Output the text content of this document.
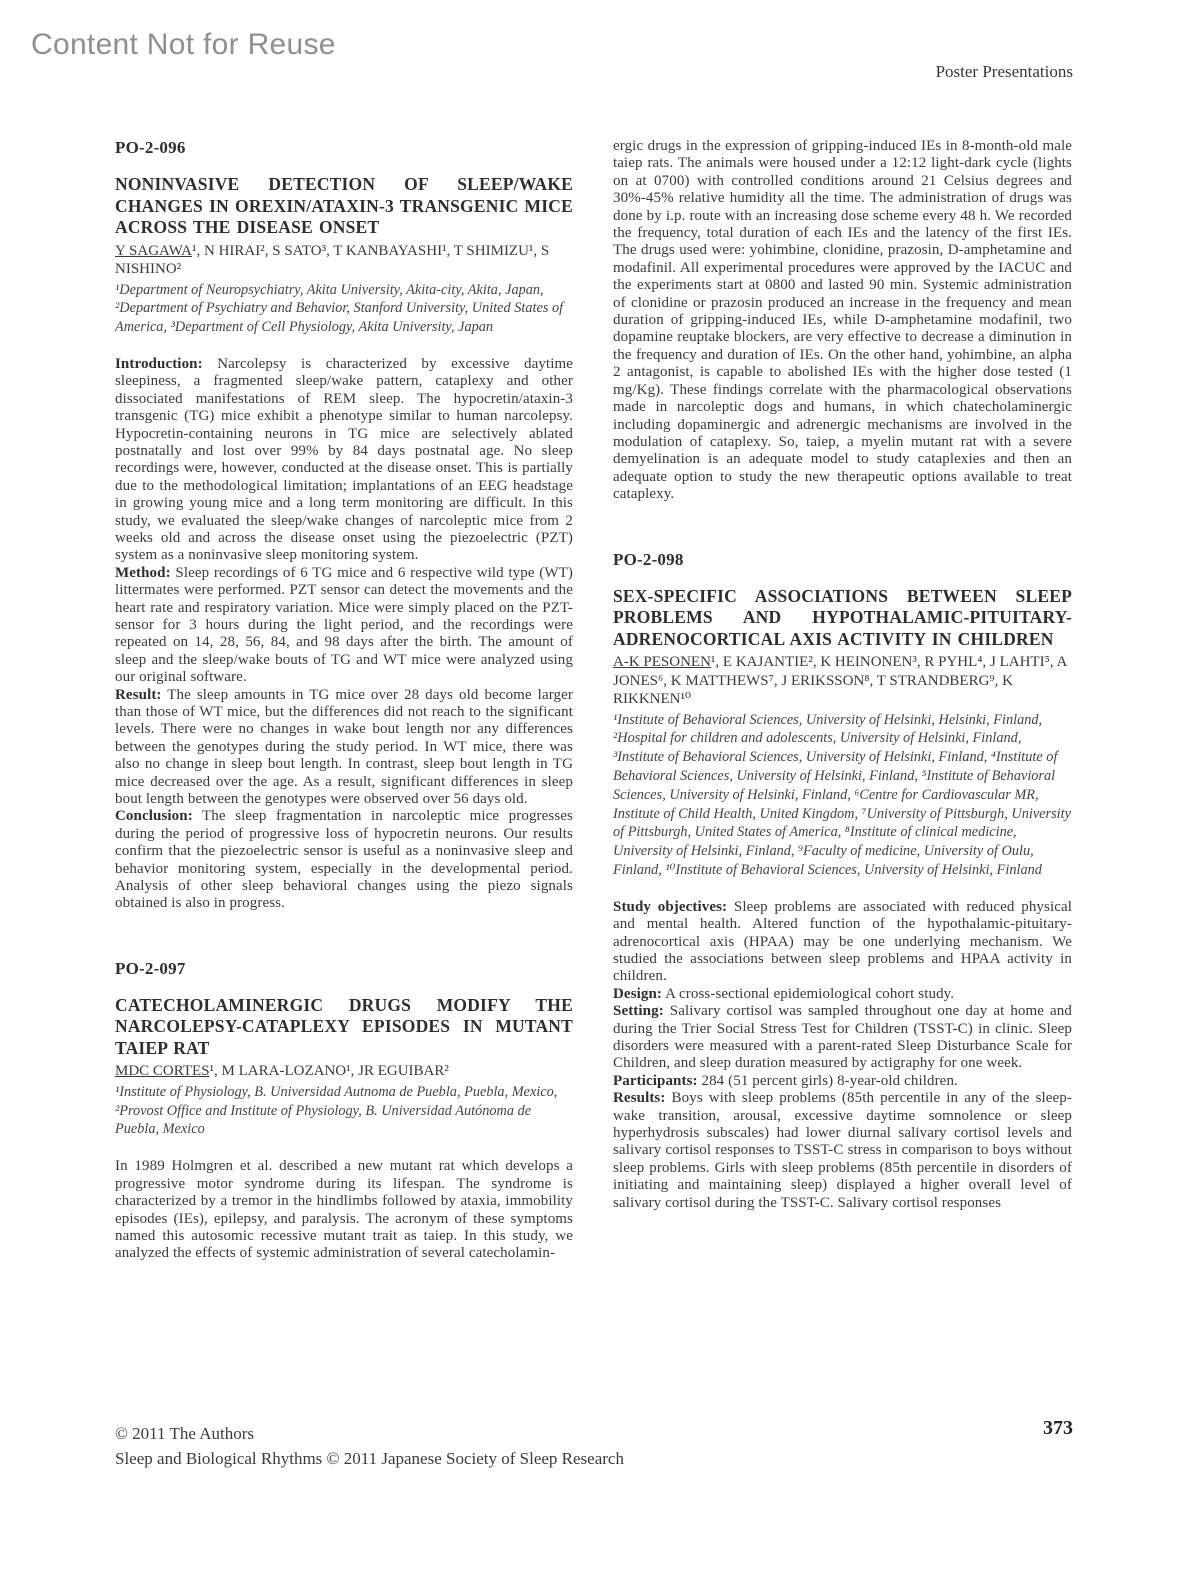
Content Not for Reuse
Poster Presentations
PO-2-096
NONINVASIVE DETECTION OF SLEEP/WAKE CHANGES IN OREXIN/ATAXIN-3 TRANSGENIC MICE ACROSS THE DISEASE ONSET

Y SAGAWA¹, N HIRAI², S SATO³, T KANBAYASHI¹, T SHIMIZU¹, S NISHINO²

¹Department of Neuropsychiatry, Akita University, Akita-city, Akita, Japan, ²Department of Psychiatry and Behavior, Stanford University, United States of America, ³Department of Cell Physiology, Akita University, Japan

Introduction: Narcolepsy is characterized by excessive daytime sleepiness, a fragmented sleep/wake pattern, cataplexy and other dissociated manifestations of REM sleep. The hypocretin/ataxin-3 transgenic (TG) mice exhibit a phenotype similar to human narcolepsy. Hypocretin-containing neurons in TG mice are selectively ablated postnatally and lost over 99% by 84 days postnatal age. No sleep recordings were, however, conducted at the disease onset. This is partially due to the methodological limitation; implantations of an EEG headstage in growing young mice and a long term monitoring are difficult. In this study, we evaluated the sleep/wake changes of narcoleptic mice from 2 weeks old and across the disease onset using the piezoelectric (PZT) system as a noninvasive sleep monitoring system.

Method: Sleep recordings of 6 TG mice and 6 respective wild type (WT) littermates were performed. PZT sensor can detect the movements and the heart rate and respiratory variation. Mice were simply placed on the PZT-sensor for 3 hours during the light period, and the recordings were repeated on 14, 28, 56, 84, and 98 days after the birth. The amount of sleep and the sleep/wake bouts of TG and WT mice were analyzed using our original software.

Result: The sleep amounts in TG mice over 28 days old become larger than those of WT mice, but the differences did not reach to the significant levels. There were no changes in wake bout length nor any differences between the genotypes during the study period. In WT mice, there was also no change in sleep bout length. In contrast, sleep bout length in TG mice decreased over the age. As a result, significant differences in sleep bout length between the genotypes were observed over 56 days old.

Conclusion: The sleep fragmentation in narcoleptic mice progresses during the period of progressive loss of hypocretin neurons. Our results confirm that the piezoelectric sensor is useful as a noninvasive sleep and behavior monitoring system, especially in the developmental period. Analysis of other sleep behavioral changes using the piezo signals obtained is also in progress.

PO-2-097
CATECHOLAMINERGIC DRUGS MODIFY THE NARCOLEPSY-CATAPLEXY EPISODES IN MUTANT TAIEP RAT

MDC CORTES¹, M LARA-LOZANO¹, JR EGUIBAR²

¹Institute of Physiology, B. Universidad Autnoma de Puebla, Puebla, Mexico, ²Provost Office and Institute of Physiology, B. Universidad Autónoma de Puebla, Mexico

In 1989 Holmgren et al. described a new mutant rat which develops a progressive motor syndrome during its lifespan. The syndrome is characterized by a tremor in the hindlimbs followed by ataxia, immobility episodes (IEs), epilepsy, and paralysis. The acronym of these symptoms named this autosomic recessive mutant trait as taiep. In this study, we analyzed the effects of systemic administration of several catecholamin-

ergic drugs in the expression of gripping-induced IEs in 8-month-old male taiep rats. The animals were housed under a 12:12 light-dark cycle (lights on at 0700) with controlled conditions around 21 Celsius degrees and 30%-45% relative humidity all the time. The administration of drugs was done by i.p. route with an increasing dose scheme every 48 h. We recorded the frequency, total duration of each IEs and the latency of the first IEs. The drugs used were: yohimbine, clonidine, prazosin, D-amphetamine and modafinil. All experimental procedures were approved by the IACUC and the experiments start at 0800 and lasted 90 min. Systemic administration of clonidine or prazosin produced an increase in the frequency and mean duration of gripping-induced IEs, while D-amphetamine modafinil, two dopamine reuptake blockers, are very effective to decrease a diminution in the frequency and duration of IEs. On the other hand, yohimbine, an alpha 2 antagonist, is capable to abolished IEs with the higher dose tested (1 mg/Kg). These findings correlate with the pharmacological observations made in narcoleptic dogs and humans, in which chatecholaminergic including dopaminergic and adrenergic mechanisms are involved in the modulation of cataplexy. So, taiep, a myelin mutant rat with a severe demyelination is an adequate model to study cataplexies and then an adequate option to study the new therapeutic options available to treat cataplexy.

PO-2-098
SEX-SPECIFIC ASSOCIATIONS BETWEEN SLEEP PROBLEMS AND HYPOTHALAMIC-PITUITARY-ADRENOCORTICAL AXIS ACTIVITY IN CHILDREN

A-K PESONEN¹, E KAJANTIE², K HEINONEN³, R PYHL⁴, J LAHTI⁵, A JONES⁶, K MATTHEWS⁷, J ERIKSSON⁸, T STRANDBERG⁹, K RIKKNEN¹⁰

¹Institute of Behavioral Sciences, University of Helsinki, Helsinki, Finland, ²Hospital for children and adolescents, University of Helsinki, Finland, ³Institute of Behavioral Sciences, University of Helsinki, Finland, ⁴Institute of Behavioral Sciences, University of Helsinki, Finland, ⁵Institute of Behavioral Sciences, University of Helsinki, Finland, ⁶Centre for Cardiovascular MR, Institute of Child Health, United Kingdom, ⁷University of Pittsburgh, University of Pittsburgh, United States of America, ⁸Institute of clinical medicine, University of Helsinki, Finland, ⁹Faculty of medicine, University of Oulu, Finland, ¹⁰Institute of Behavioral Sciences, University of Helsinki, Finland

Study objectives: Sleep problems are associated with reduced physical and mental health. Altered function of the hypothalamic-pituitary-adrenocortical axis (HPAA) may be one underlying mechanism. We studied the associations between sleep problems and HPAA activity in children.

Design: A cross-sectional epidemiological cohort study.

Setting: Salivary cortisol was sampled throughout one day at home and during the Trier Social Stress Test for Children (TSST-C) in clinic. Sleep disorders were measured with a parent-rated Sleep Disturbance Scale for Children, and sleep duration measured by actigraphy for one week.

Participants: 284 (51 percent girls) 8-year-old children.

Results: Boys with sleep problems (85th percentile in any of the sleep-wake transition, arousal, excessive daytime somnolence or sleep hyperhydrosis subscales) had lower diurnal salivary cortisol levels and salivary cortisol responses to TSST-C stress in comparison to boys without sleep problems. Girls with sleep problems (85th percentile in disorders of initiating and maintaining sleep) displayed a higher overall level of salivary cortisol during the TSST-C. Salivary cortisol responses

© 2011 The Authors
Sleep and Biological Rhythms © 2011 Japanese Society of Sleep Research
373
